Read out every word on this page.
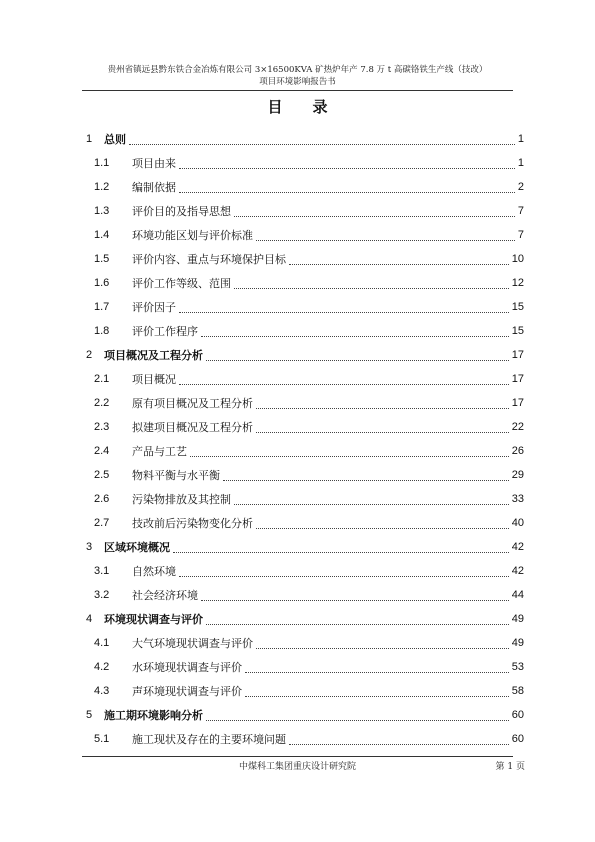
贵州省镇远县黔东铁合金冶炼有限公司 3×16500KVA 矿热炉年产 7.8 万 t 高碳铬铁生产线（技改）
项目环境影响报告书
目录
1	总则	1
1.1	项目由来	1
1.2	编制依据	2
1.3	评价目的及指导思想	7
1.4	环境功能区划与评价标准	7
1.5	评价内容、重点与环境保护目标	10
1.6	评价工作等级、范围	12
1.7	评价因子	15
1.8	评价工作程序	15
2	项目概况及工程分析	17
2.1	项目概况	17
2.2	原有项目概况及工程分析	17
2.3	拟建项目概况及工程分析	22
2.4	产品与工艺	26
2.5	物料平衡与水平衡	29
2.6	污染物排放及其控制	33
2.7	技改前后污染物变化分析	40
3	区域环境概况	42
3.1	自然环境	42
3.2	社会经济环境	44
4	环境现状调查与评价	49
4.1	大气环境现状调查与评价	49
4.2	水环境现状调查与评价	53
4.3	声环境现状调查与评价	58
5	施工期环境影响分析	60
5.1	施工现状及存在的主要环境问题	60
中煤科工集团重庆设计研究院	第 1 页
